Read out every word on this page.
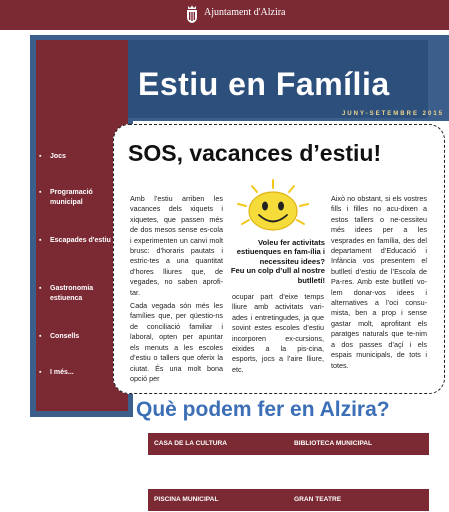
Ajuntament d'Alzira
▪ Jocs
▪ Programació municipal
▪ Escapades d'estiu
▪ Gastronomia estiuenca
▪ Consells
▪ I més...
Estiu en Família
JUNY-SETEMBRE 2015
SOS, vacances d’estiu!

Amb l’estiu arriben les vacances dels xiquets i xiquetes, que passen més de dos mesos sense es-cola i experimenten un canvi molt brusc: d’horaris pautats i estric-tes a una quantitat d’hores lliures que, de vegades, no saben aprofi-tar.

Cada vegada són més les famílies que, per qüestio-ns de conciliació familiar i laboral, opten per apuntar els menuts a les escoles d’estiu o tallers que oferix la ciutat. És una molt bona opció per

Voleu fer activitats estiuenques en fam-ília i necessiteu idees?
Feu un colp d’ull al nostre butlletí!

ocupar part d’eixe temps lliure amb activitats vari-ades i entretingudes, ja que sovint estes escoles d’estiu incorporen ex-cursions, eixides a la pis-cina, esports, jocs a l’aire lliure, etc.

Això no obstant, si els vostres fills i filles no acu-dixen a estos tallers o ne-cessiteu més idees per a les vesprades en família, des del departament d’Educació i Infància vos presentem el butlletí d’estiu de l’Escola de Pa-res. Amb este butlletí vo-lem donar-vos idees i alternatives a l’oci consu-mista, ben a prop i sense gastar molt, aprofitant els paratges naturals que te-nim a dos passes d’açí i els espais municipals, de tots i totes.

Què podem fer en Alzira?
CASA DE LA CULTURA	BIBLIOTECA MUNICIPAL
PISCINA MUNICIPAL	GRAN TEATRE
